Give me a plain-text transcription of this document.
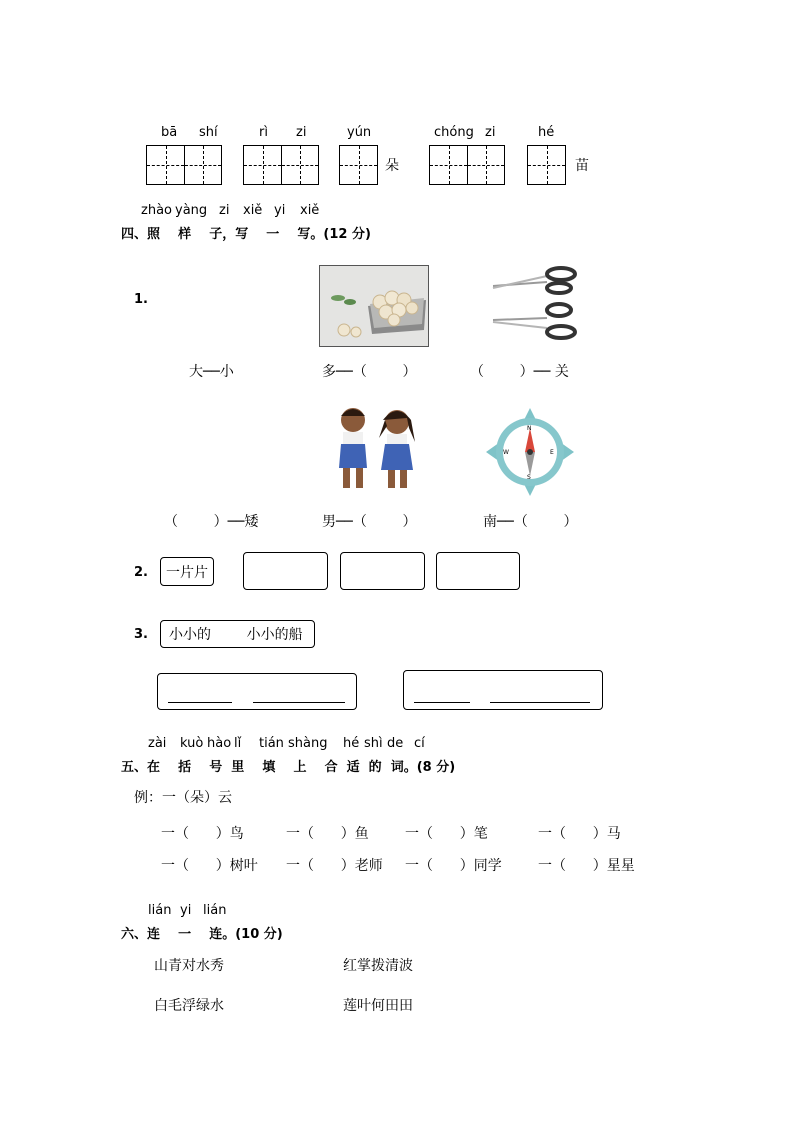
bā shí	rì zi	yún	chóng zi	hé
朵	苗
zhào yàng zi xiě yi xiě
四、照    样    子，写    一    写。(12 分)
1.
大──小	多──（        ）	（        ）── 关
N
S
E
W
（        ）──矮	男──（        ）	南──（        ）
2. 一片片
3. 小小的        小小的船
zài kuò hào lǐ tián shàng hé shì de cí
五、在    括    号  里    填    上    合  适  的  词。(8 分)
例：一（朵）云
一（      ）鸟	一（      ）鱼	一（      ）笔	一（      ）马
一（      ）树叶 一（      ）老师 一（      ）同学	一（      ）星星
lián yi lián
六、连    一    连。(10 分)
山青对水秀	红掌拨清波
白毛浮绿水	莲叶何田田
